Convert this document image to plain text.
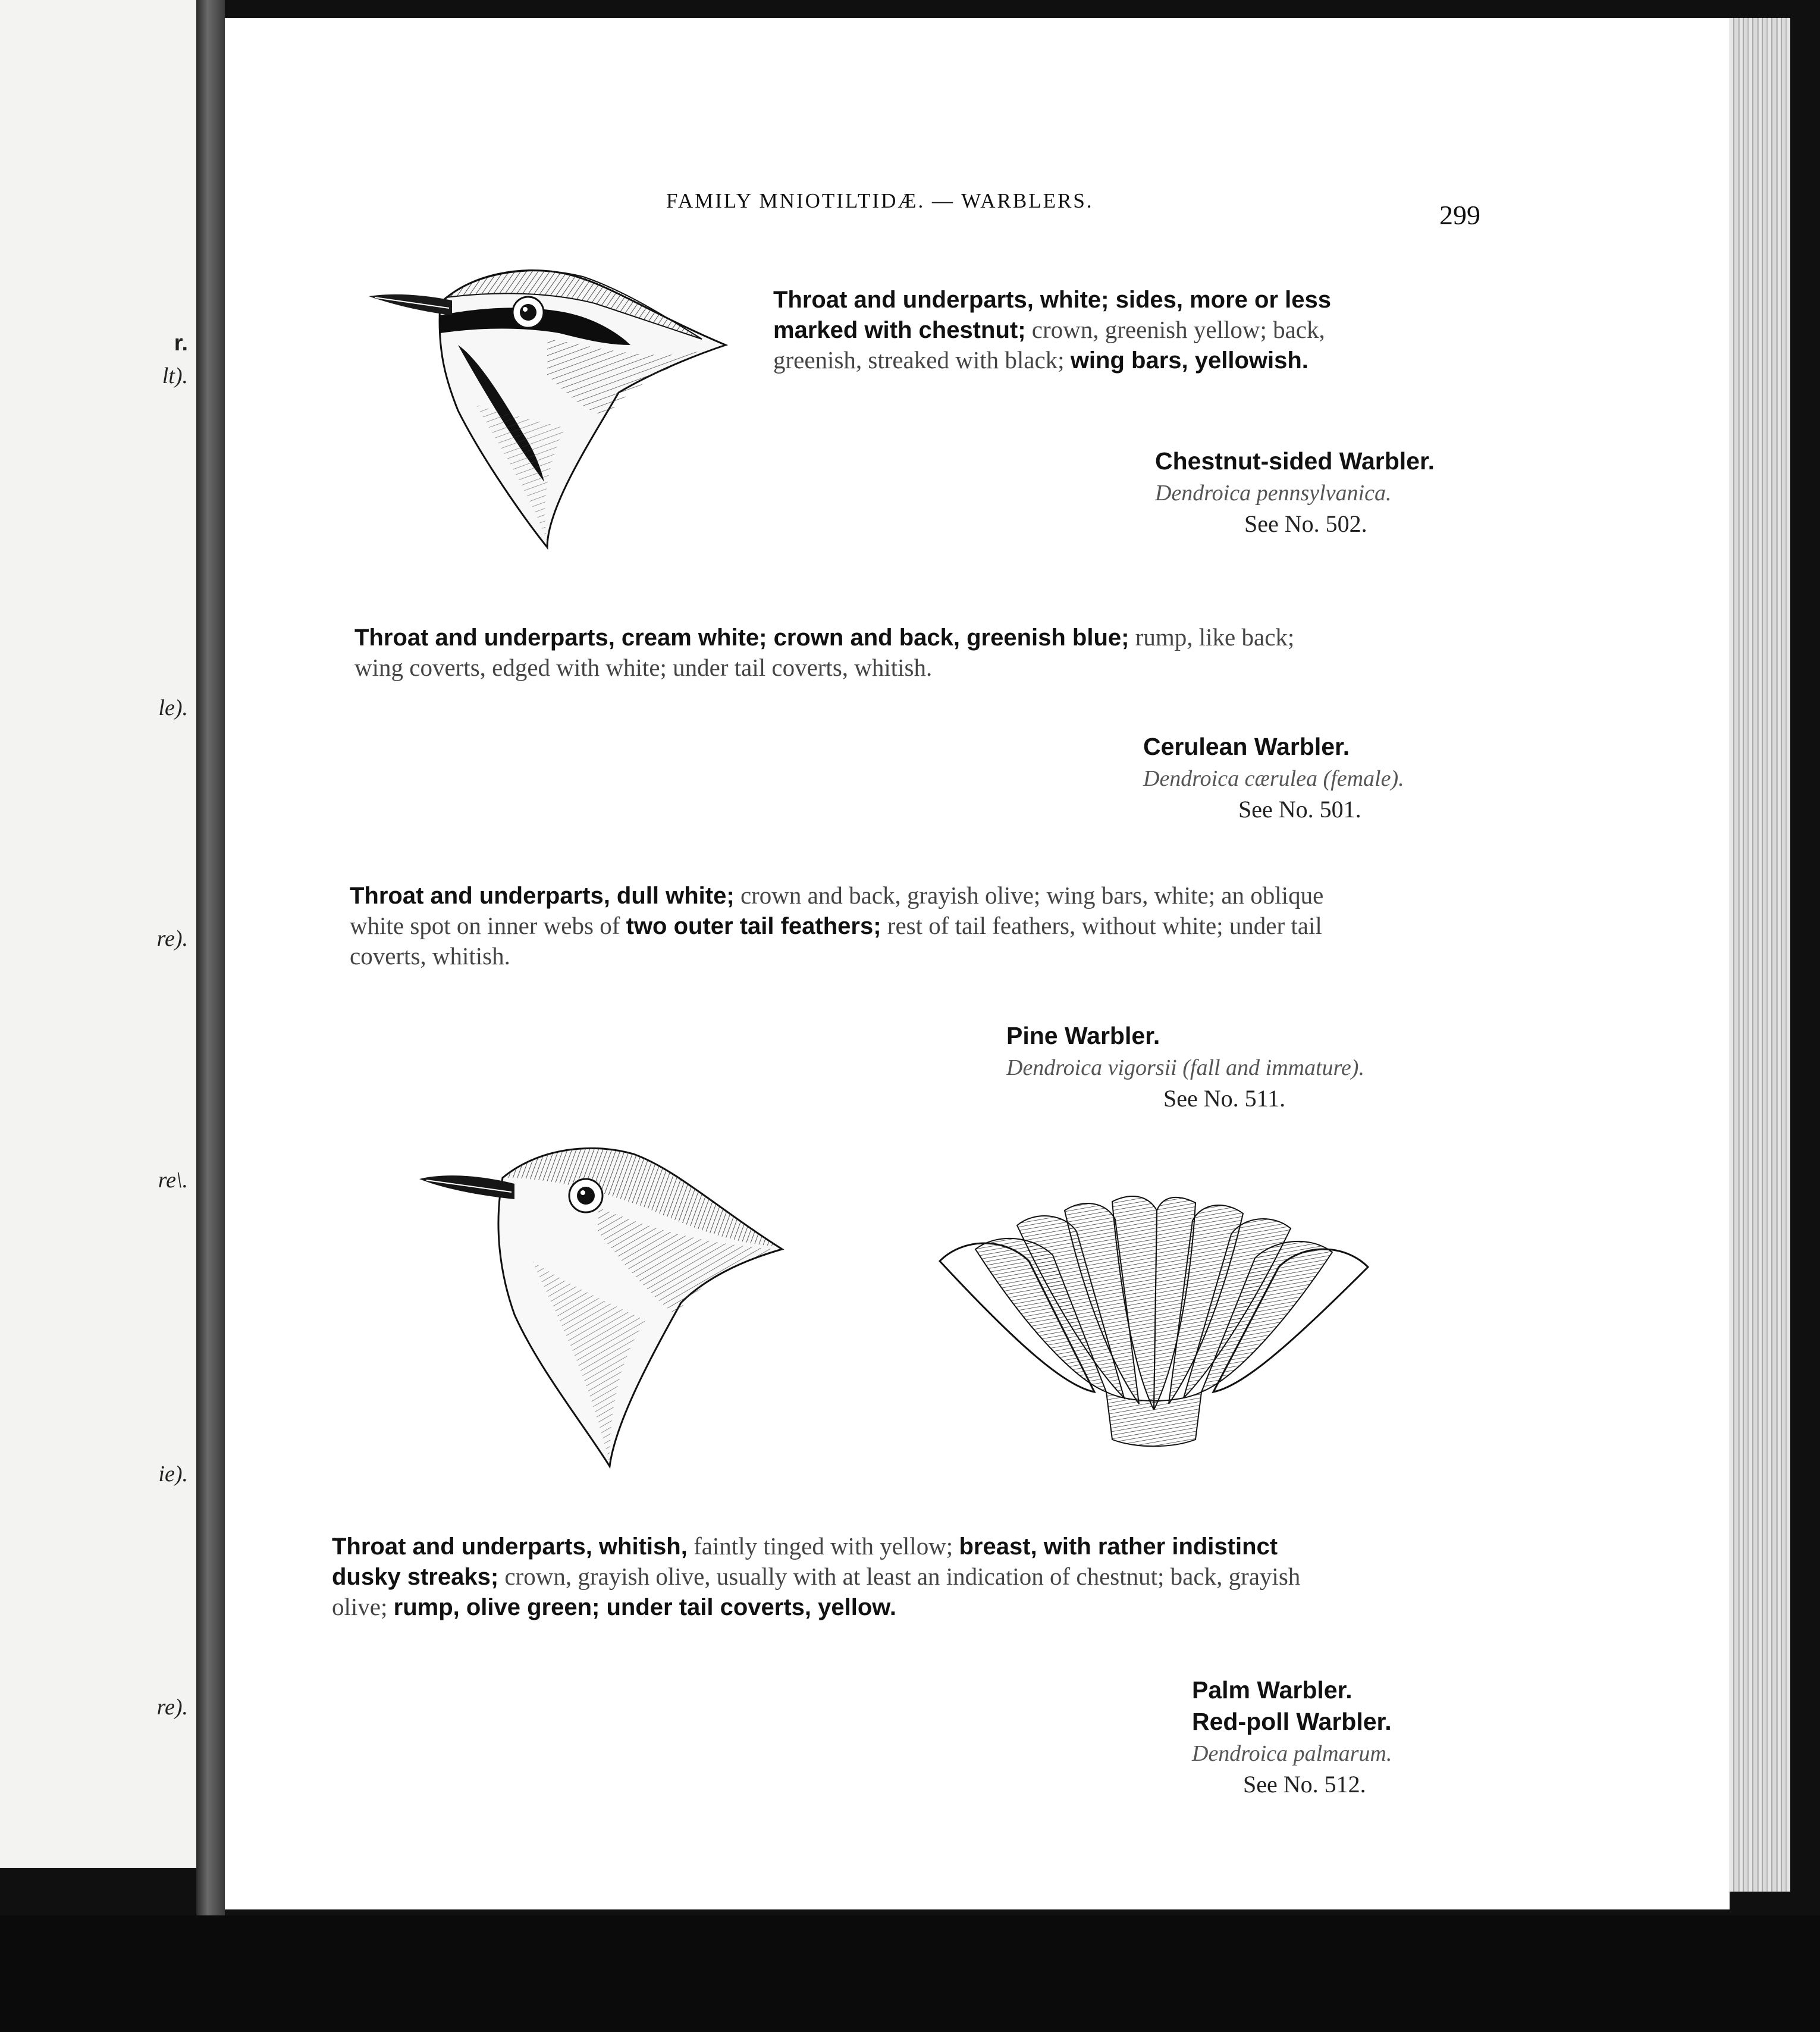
r.
lt).
le).
re).
re\.
ie).
re).
FAMILY MNIOTILTIDÆ. — WARBLERS.	299
Throat and underparts, white; sides, more or less marked with chestnut; crown, greenish yellow; back, greenish, streaked with black; wing bars, yellowish.
Chestnut-sided Warbler.
Dendroica pennsylvanica.
See No. 502.
Throat and underparts, cream white; crown and back, greenish blue; rump, like back; wing coverts, edged with white; under tail coverts, whitish.
Cerulean Warbler.
Dendroica cærulea (female).
See No. 501.
Throat and underparts, dull white; crown and back, grayish olive; wing bars, white; an oblique white spot on inner webs of two outer tail feathers; rest of tail feathers, without white; under tail coverts, whitish.
Pine Warbler.
Dendroica vigorsii (fall and immature).
See No. 511.
Throat and underparts, whitish, faintly tinged with yellow; breast, with rather indistinct dusky streaks; crown, grayish olive, usually with at least an indication of chestnut; back, grayish olive; rump, olive green; under tail coverts, yellow.
Palm Warbler.
Red-poll Warbler.
Dendroica palmarum.
See No. 512.
